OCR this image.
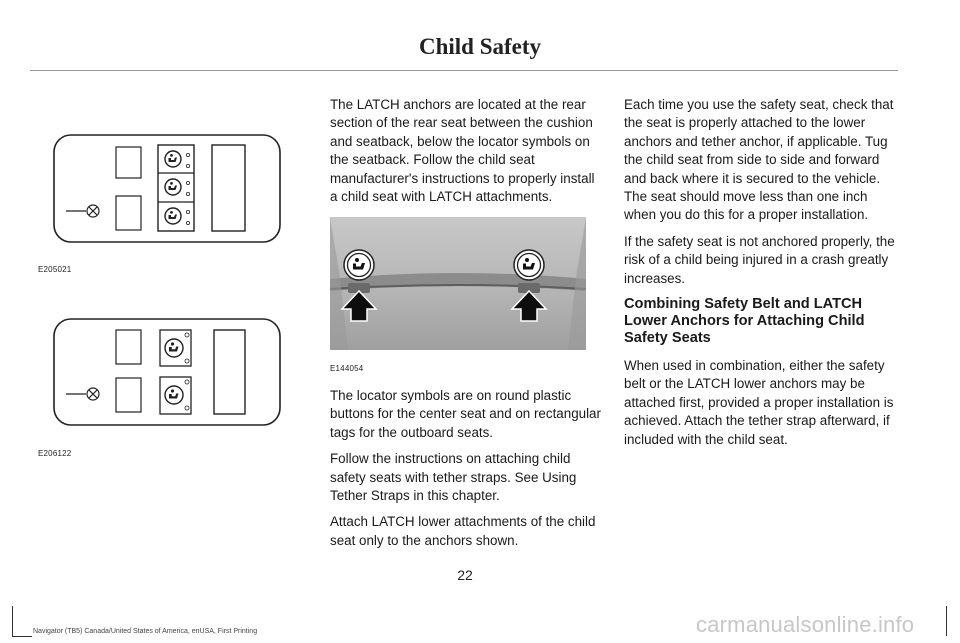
Child Safety
E205021
E206122

The LATCH anchors are located at the rear section of the rear seat between the cushion and seatback, below the locator symbols on the seatback. Follow the child seat manufacturer's instructions to properly install a child seat with LATCH attachments.

E144054

The locator symbols are on round plastic buttons for the center seat and on rectangular tags for the outboard seats.

Follow the instructions on attaching child safety seats with tether straps. See Using Tether Straps in this chapter.

Attach LATCH lower attachments of the child seat only to the anchors shown.

Each time you use the safety seat, check that the seat is properly attached to the lower anchors and tether anchor, if applicable. Tug the child seat from side to side and forward and back where it is secured to the vehicle. The seat should move less than one inch when you do this for a proper installation.

If the safety seat is not anchored properly, the risk of a child being injured in a crash greatly increases.

Combining Safety Belt and LATCH Lower Anchors for Attaching Child Safety Seats

When used in combination, either the safety belt or the LATCH lower anchors may be attached first, provided a proper installation is achieved. Attach the tether strap afterward, if included with the child seat.

22
Navigator (TB5) Canada/United States of America, enUSA, First Printing	carmanualsonline.info
